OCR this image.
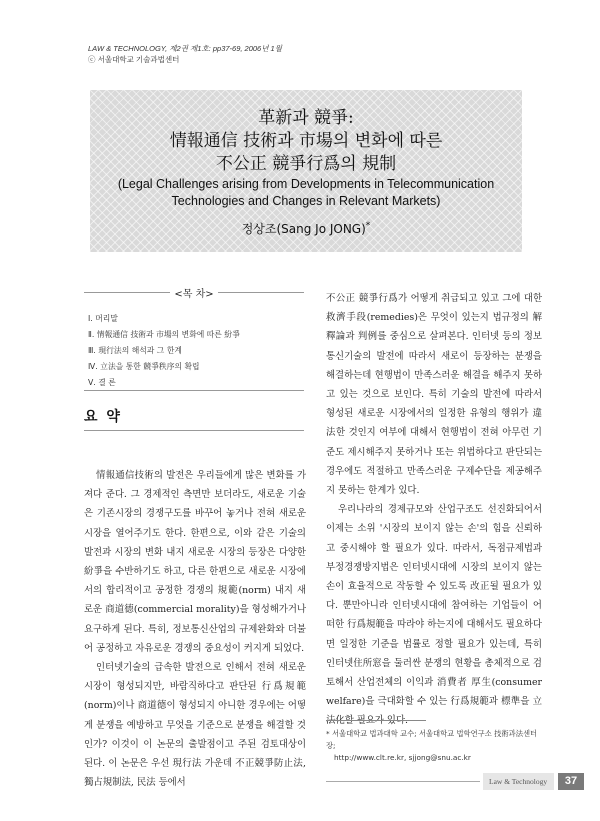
LAW & TECHNOLOGY, 제2권 제1호: pp37-69, 2006년 1월
ⓒ 서울대학교 기술과법센터
革新과 競爭:
情報通信 技術과 市場의 변화에 따른
不公正 競爭行爲의 規制
(Legal Challenges arising from Developments in Telecommunication
Technologies and Changes in Relevant Markets)
정상조(Sang Jo JONG)*
<목 차>
Ⅰ. 머리말
Ⅱ. 情報通信 技術과 市場의 변화에 따른 紛爭
Ⅲ. 現行法의 해석과 그 한계
Ⅳ. 立法을 통한 競爭秩序의 확립
Ⅴ. 결 론
요 약

情報通信技術의 발전은 우리들에게 많은 변화를 가져다 준다. 그 경제적인 측면만 보더라도, 새로운 기술은 기존시장의 경쟁구도를 바꾸어 놓거나 전혀 새로운 시장을 열어주기도 한다. 한편으로, 이와 같은 기술의 발전과 시장의 변화 내지 새로운 시장의 등장은 다양한 紛爭을 수반하기도 하고, 다른 한편으로 새로운 시장에서의 합리적이고 공정한 경쟁의 規範(norm) 내지 새로운 商道德(commercial morality)을 형성해가거나 요구하게 된다. 특히, 정보통신산업의 규제완화와 더불어 공정하고 자유로운 경쟁의 중요성이 커지게 되었다.

인터넷기술의 급속한 발전으로 인해서 전혀 새로운 시장이 형성되지만, 바람직하다고 판단된 行爲規範(norm)이나 商道德이 형성되지 아니한 경우에는 어떻게 분쟁을 예방하고 무엇을 기준으로 분쟁을 해결할 것인가? 이것이 이 논문의 출발점이고 주된 검토대상이 된다. 이 논문은 우선 現行法 가운데 不正競爭防止法, 獨占規制法, 民法 등에서

不公正 競爭行爲가 어떻게 취급되고 있고 그에 대한 救濟手段(remedies)은 무엇이 있는지 법규정의 解釋論과 判例를 중심으로 살펴본다. 인터넷 등의 정보통신기술의 발전에 따라서 새로이 등장하는 분쟁을 해결하는데 현행법이 만족스러운 해결을 해주지 못하고 있는 것으로 보인다. 특히 기술의 발전에 따라서 형성된 새로운 시장에서의 일정한 유형의 행위가 違法한 것인지 여부에 대해서 현행법이 전혀 아무런 기준도 제시해주지 못하거나 또는 위법하다고 판단되는 경우에도 적절하고 만족스러운 구제수단을 제공해주지 못하는 한계가 있다.

우리나라의 경제규모와 산업구조도 선진화되어서 이제는 소위 '시장의 보이지 않는 손'의 힘을 신뢰하고 중시해야 할 필요가 있다. 따라서, 독점규제법과 부정경쟁방지법은 인터넷시대에 시장의 보이지 않는 손이 효율적으로 작동할 수 있도록 改正될 필요가 있다. 뿐만아니라 인터넷시대에 참여하는 기업들이 어떠한 行爲規範을 따라야 하는지에 대해서도 필요하다면 일정한 기준을 법률로 정할 필요가 있는데, 특히 인터넷住所窓을 둘러싼 분쟁의 현황을 총체적으로 검토해서 산업전체의 이익과 消費者 厚生(consumer welfare)을 극대화할 수 있는 行爲規範과 標準을 立法化할 필요가 있다.

* 서울대학교 법과대학 교수; 서울대학교 법학연구소 技術과法센터장;
http://www.clt.re.kr, sjjong@snu.ac.kr
Law & Technology	37
